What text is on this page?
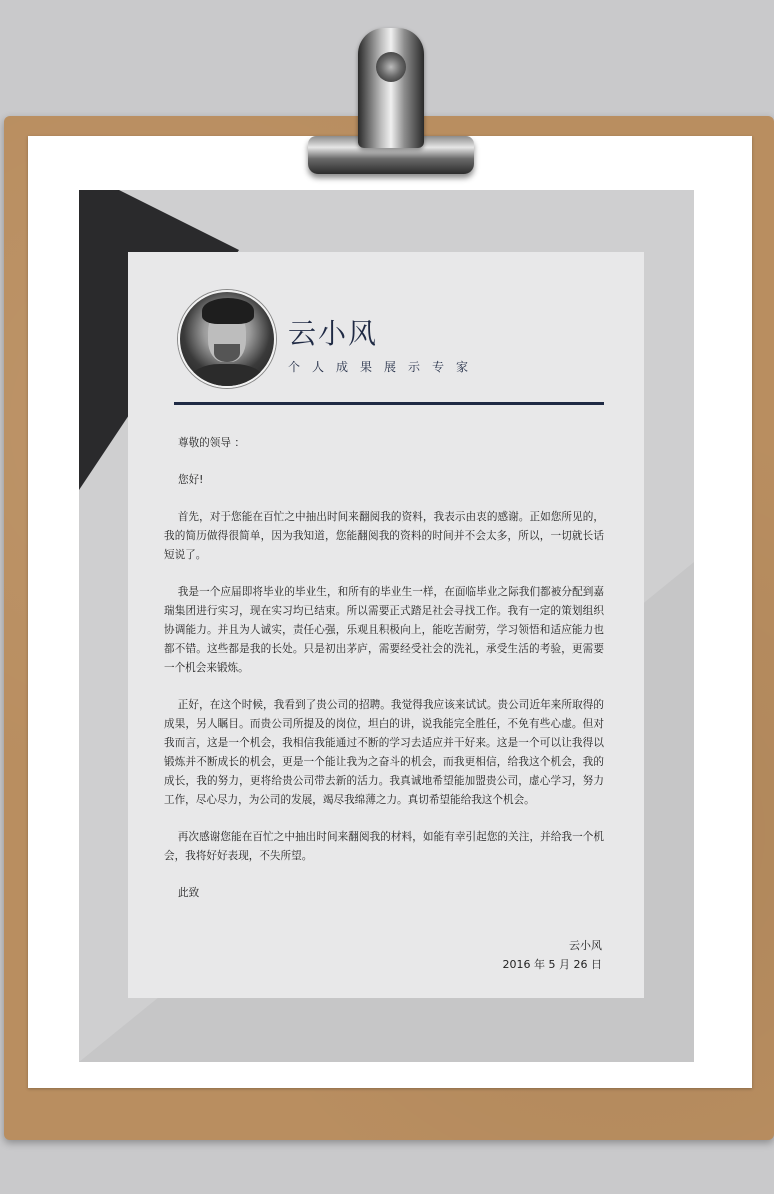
云小风
个人成果展示专家

尊敬的领导 ：

您好!

首先，对于您能在百忙之中抽出时间来翻阅我的资料，我表示由衷的感谢。正如您所见的，我的简历做得很简单，因为我知道，您能翻阅我的资料的时间并不会太多，所以，一切就长话短说了。

我是一个应届即将毕业的毕业生，和所有的毕业生一样，在面临毕业之际我们都被分配到嘉瑞集团进行实习，现在实习均已结束。所以需要正式踏足社会寻找工作。我有一定的策划组织协调能力。并且为人诚实，责任心强，乐观且积极向上，能吃苦耐劳，学习领悟和适应能力也都不错。这些都是我的长处。只是初出茅庐，需要经受社会的洗礼，承受生活的考验，更需要一个机会来锻炼。

正好，在这个时候，我看到了贵公司的招聘。我觉得我应该来试试。贵公司近年来所取得的成果，另人瞩目。而贵公司所提及的岗位，坦白的讲，说我能完全胜任，不免有些心虚。但对我而言，这是一个机会，我相信我能通过不断的学习去适应并干好来。这是一个可以让我得以锻炼并不断成长的机会，更是一个能让我为之奋斗的机会，而我更相信，给我这个机会，我的成长，我的努力，更将给贵公司带去新的活力。我真诚地希望能加盟贵公司，虚心学习，努力工作，尽心尽力，为公司的发展，竭尽我绵薄之力。真切希望能给我这个机会。

再次感谢您能在百忙之中抽出时间来翻阅我的材料，如能有幸引起您的关注，并给我一个机会，我将好好表现，不失所望。

此致

云小风
2016 年 5 月 26 日
